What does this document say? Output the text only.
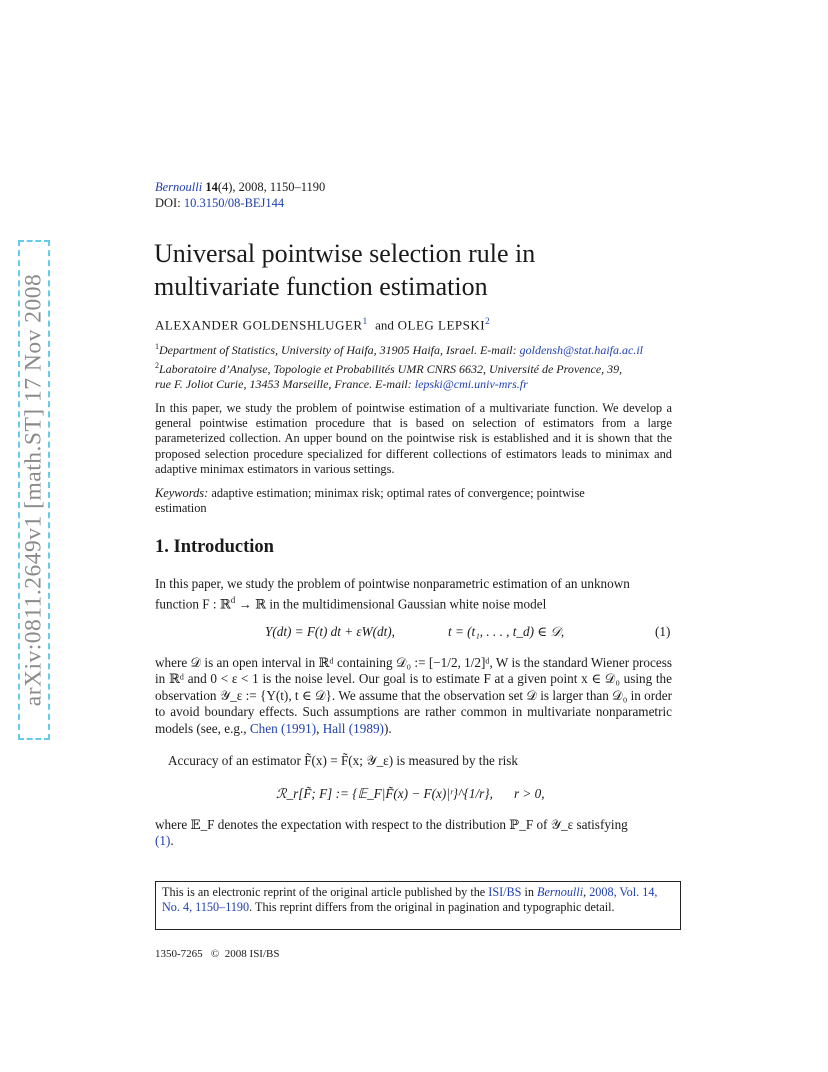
arXiv:0811.2649v1 [math.ST] 17 Nov 2008
Bernoulli 14(4), 2008, 1150–1190
DOI: 10.3150/08-BEJ144
Universal pointwise selection rule in
multivariate function estimation
ALEXANDER GOLDENSHLUGER$^1$ and OLEG LEPSKI$^2$
$^1$Department of Statistics, University of Haifa, 31905 Haifa, Israel. E-mail: goldensh@stat.haifa.ac.il
$^2$Laboratoire d’Analyse, Topologie et Probabilités UMR CNRS 6632, Université de Provence, 39,
rue F. Joliot Curie, 13453 Marseille, France. E-mail: lepski@cmi.univ-mrs.fr
In this paper, we study the problem of pointwise estimation of a multivariate function. We develop a general pointwise estimation procedure that is based on selection of estimators from a large parameterized collection. An upper bound on the pointwise risk is established and it is shown that the proposed selection procedure specialized for different collections of estimators leads to minimax and adaptive minimax estimators in various settings.
Keywords: adaptive estimation; minimax risk; optimal rates of convergence; pointwise estimation
1. Introduction
In this paper, we study the problem of pointwise nonparametric estimation of an unknown
function F : ℝ$^d$ → ℝ in the multidimensional Gaussian white noise model
Y(dt) = F(t) dt + εW(dt),	t = (t₁, . . . , t_d) ∈ 𝒟,	(1)
where 𝒟 is an open interval in ℝᵈ containing 𝒟₀ := [−1/2, 1/2]ᵈ, W is the standard Wiener process in ℝᵈ and 0 < ε < 1 is the noise level. Our goal is to estimate F at a given point x ∈ 𝒟₀ using the observation 𝒴_ε := {Y(t), t ∈ 𝒟}. We assume that the observation set 𝒟 is larger than 𝒟₀ in order to avoid boundary effects. Such assumptions are rather common in multivariate nonparametric models (see, e.g., Chen (1991), Hall (1989)).
Accuracy of an estimator F̃(x) = F̃(x; 𝒴_ε) is measured by the risk
ℛ_r[F̃; F] := {𝔼_F|F̃(x) − F(x)|ʳ}^{1/r}, r > 0,
where 𝔼_F denotes the expectation with respect to the distribution ℙ_F of 𝒴_ε satisfying
(1).
This is an electronic reprint of the original article published by the ISI/BS in Bernoulli, 2008, Vol. 14, No. 4, 1150–1190. This reprint differs from the original in pagination and typographic detail.
1350-7265 © 2008 ISI/BS
